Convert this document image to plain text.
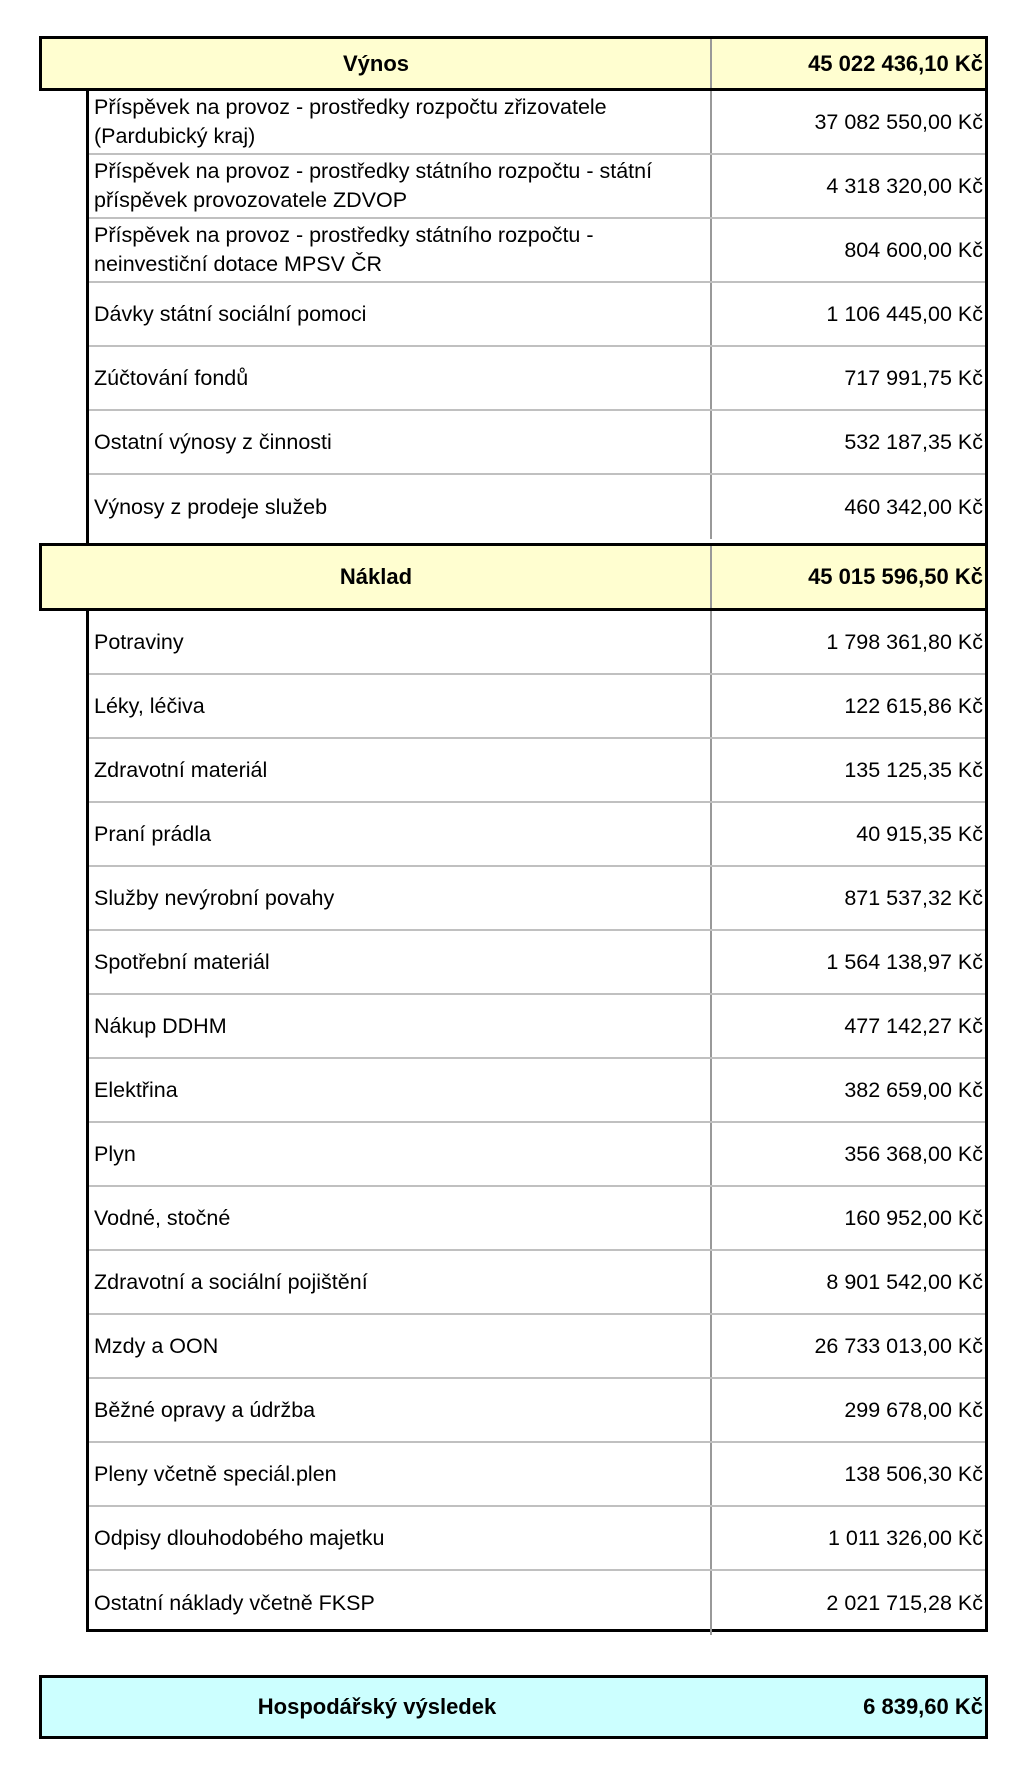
Výnos	45 022 436,10 Kč
Příspěvek na provoz - prostředky rozpočtu zřizovatele (Pardubický kraj)
37 082 550,00 Kč
Příspěvek na provoz - prostředky státního rozpočtu - státní příspěvek provozovatele ZDVOP
4 318 320,00 Kč
Příspěvek na provoz - prostředky státního rozpočtu - neinvestiční dotace MPSV ČR
804 600,00 Kč
Dávky státní sociální pomoci	1 106 445,00 Kč
Zúčtování fondů	717 991,75 Kč
Ostatní výnosy z činnosti	532 187,35 Kč
Výnosy z prodeje služeb	460 342,00 Kč
Náklad	45 015 596,50 Kč
Potraviny	1 798 361,80 Kč
Léky, léčiva	122 615,86 Kč
Zdravotní materiál	135 125,35 Kč
Praní prádla	40 915,35 Kč
Služby nevýrobní povahy	871 537,32 Kč
Spotřební materiál	1 564 138,97 Kč
Nákup DDHM	477 142,27 Kč
Elektřina	382 659,00 Kč
Plyn	356 368,00 Kč
Vodné, stočné	160 952,00 Kč
Zdravotní a sociální pojištění	8 901 542,00 Kč
Mzdy a OON	26 733 013,00 Kč
Běžné opravy a údržba	299 678,00 Kč
Pleny včetně speciál.plen	138 506,30 Kč
Odpisy dlouhodobého majetku	1 011 326,00 Kč
Ostatní náklady včetně FKSP	2 021 715,28 Kč
Hospodářský výsledek	6 839,60 Kč
